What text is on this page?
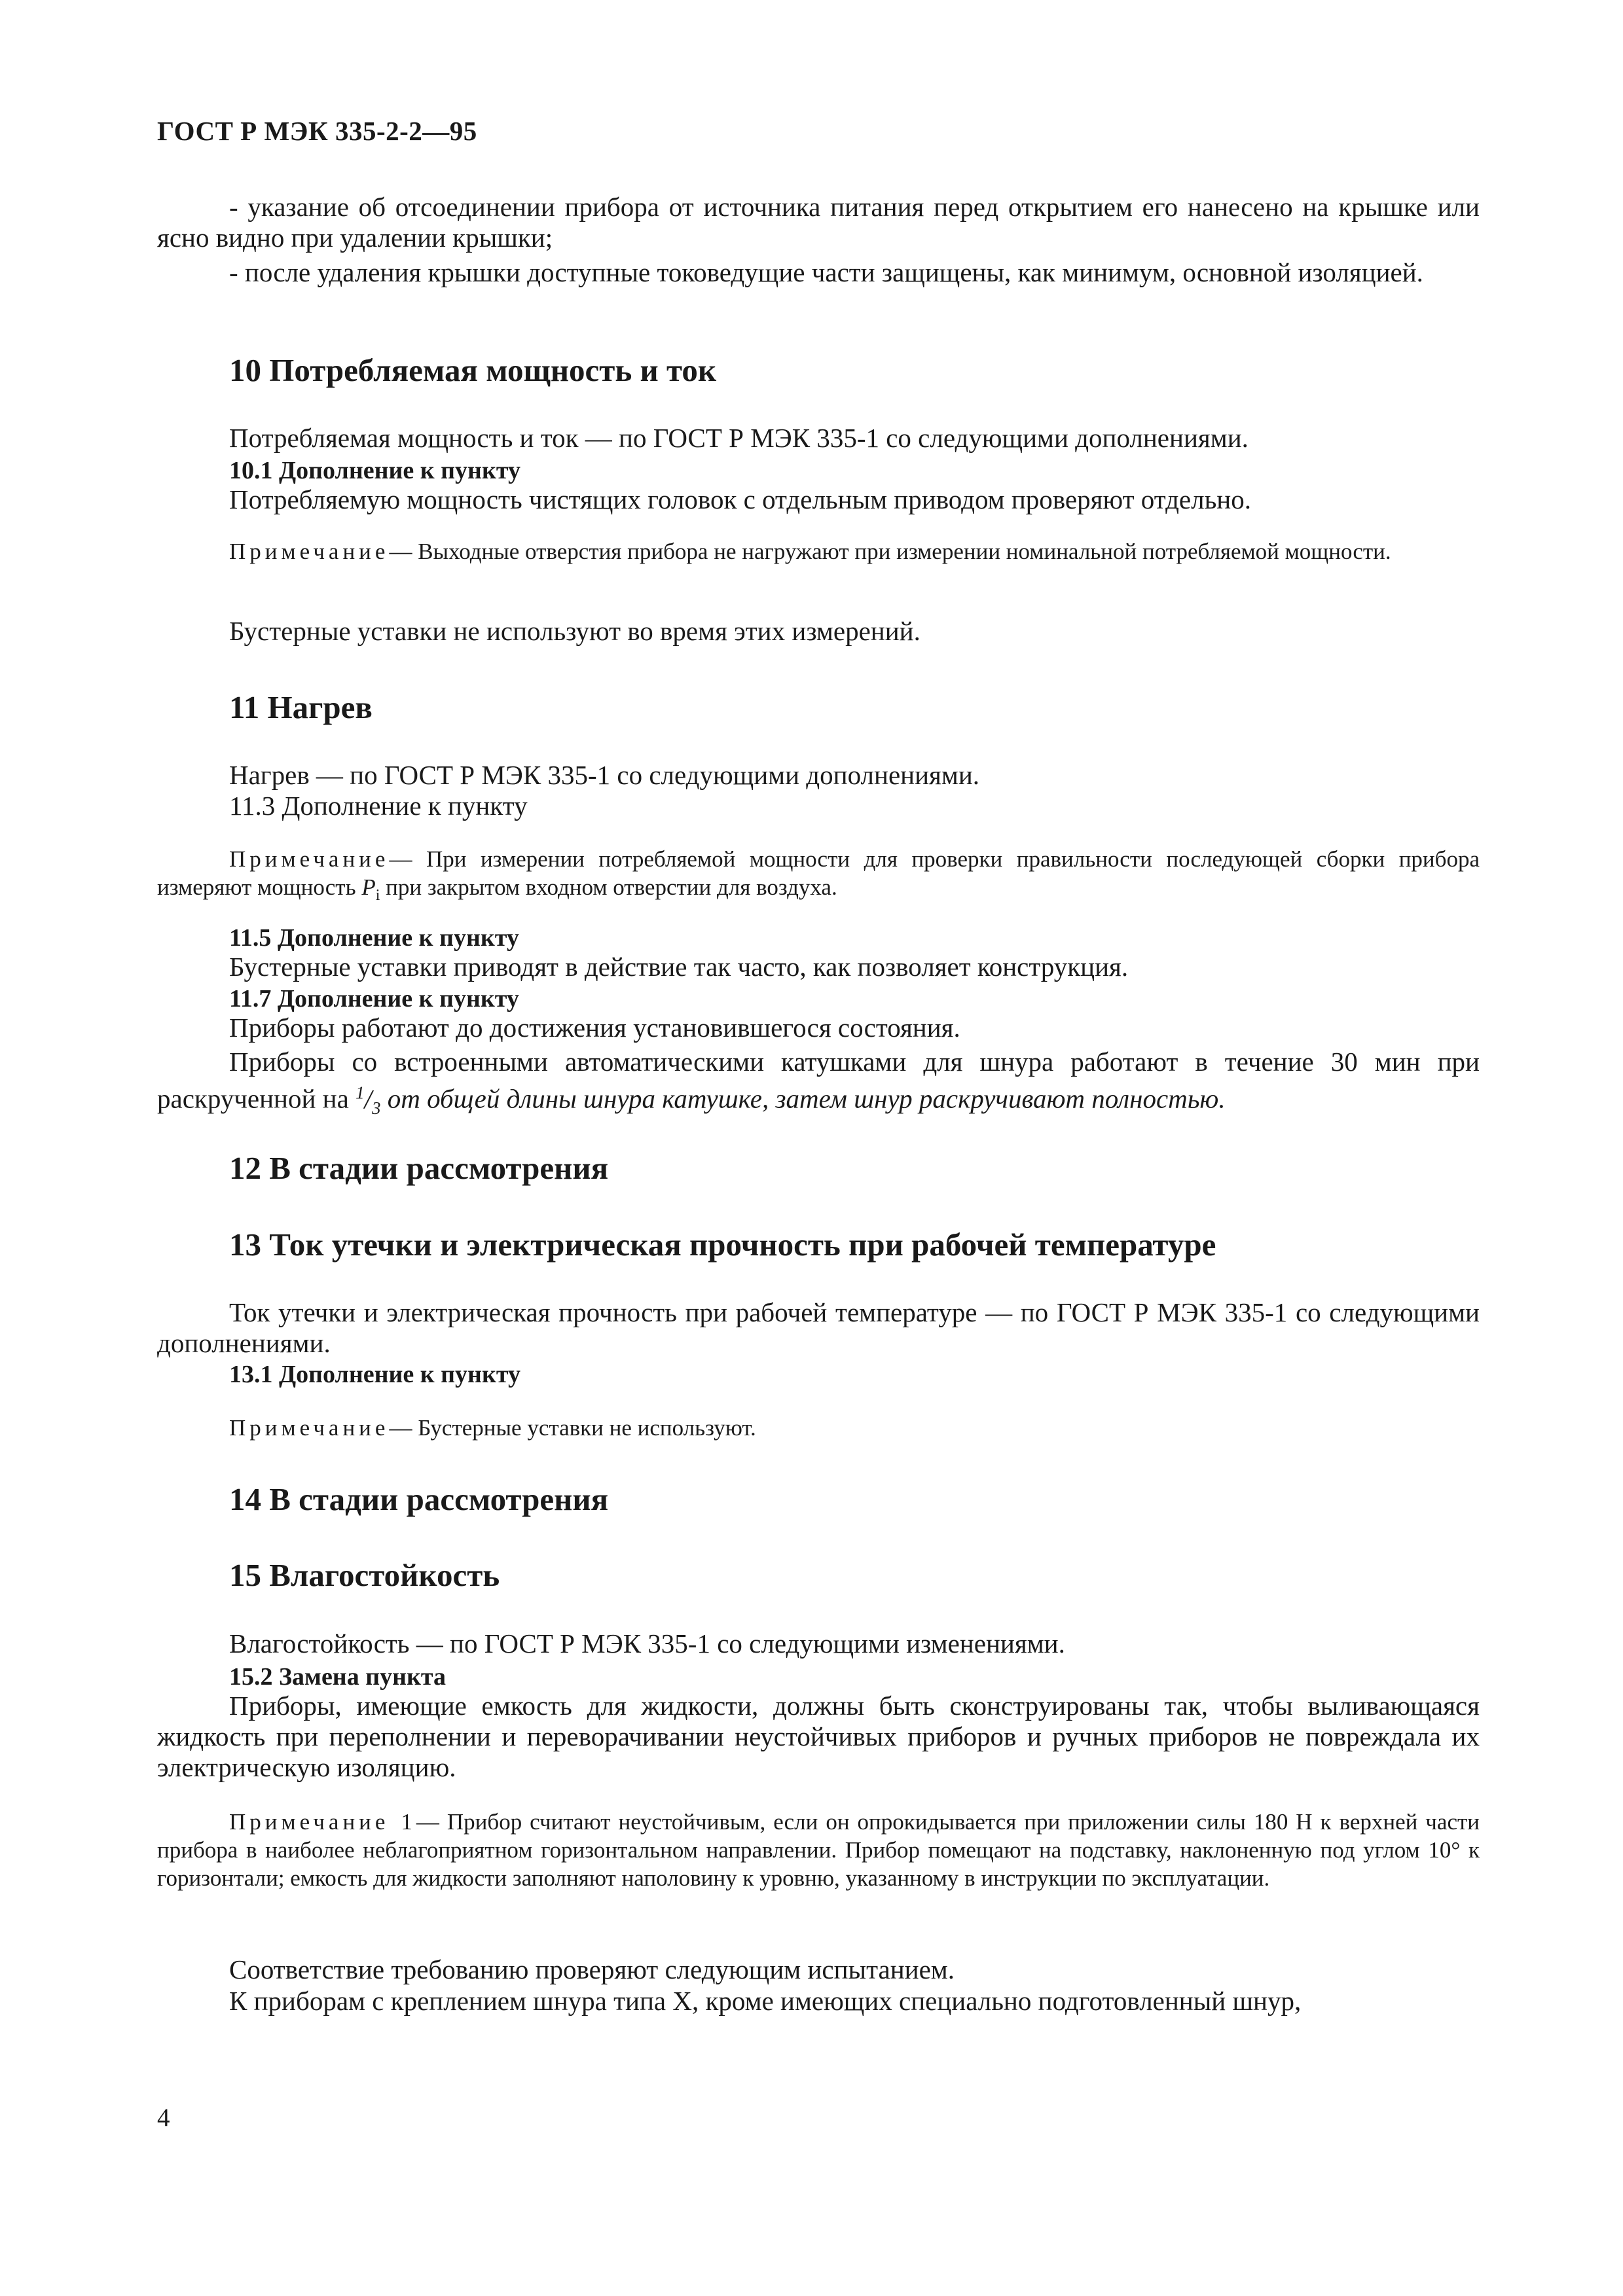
ГОСТ Р МЭК 335-2-2—95
- указание об отсоединении прибора от источника питания перед открытием его нанесено на крышке или ясно видно при удалении крышки;
- после удаления крышки доступные токоведущие части защищены, как минимум, основной изоляцией.
10 Потребляемая мощность и ток
Потребляемая мощность и ток — по ГОСТ Р МЭК 335-1 со следующими дополнениями.
10.1 Дополнение к пункту
Потребляемую мощность чистящих головок с отдельным приводом проверяют отдельно.
Примечание— Выходные отверстия прибора не нагружают при измерении номинальной потребляемой мощности.
Бустерные уставки не используют во время этих измерений.
11 Нагрев
Нагрев — по ГОСТ Р МЭК 335-1 со следующими дополнениями.
11.3 Дополнение к пункту
Примечание— При измерении потребляемой мощности для проверки правильности последующей сборки прибора измеряют мощность $P_i$ при закрытом входном отверстии для воздуха.
11.5 Дополнение к пункту
Бустерные уставки приводят в действие так часто, как позволяет конструкция.
11.7 Дополнение к пункту
Приборы работают до достижения установившегося состояния.
Приборы со встроенными автоматическими катушками для шнура работают в течение 30 мин при раскрученной на $^1/_3$ от общей длины шнура катушке, затем шнур раскручивают полностью.
12 В стадии рассмотрения
13 Ток утечки и электрическая прочность при рабочей температуре
Ток утечки и электрическая прочность при рабочей температуре — по ГОСТ Р МЭК 335-1 со следующими дополнениями.
13.1 Дополнение к пункту
Примечание— Бустерные уставки не используют.
14 В стадии рассмотрения
15 Влагостойкость
Влагостойкость — по ГОСТ Р МЭК 335-1 со следующими изменениями.
15.2 Замена пункта
Приборы, имеющие емкость для жидкости, должны быть сконструированы так, чтобы выливающаяся жидкость при переполнении и переворачивании неустойчивых приборов и ручных приборов не повреждала их электрическую изоляцию.
Примечание 1— Прибор считают неустойчивым, если он опрокидывается при приложении силы 180 Н к верхней части прибора в наиболее неблагоприятном горизонтальном направлении. Прибор помещают на подставку, наклоненную под углом 10° к горизонтали; емкость для жидкости заполняют наполовину к уровню, указанному в инструкции по эксплуатации.
Соответствие требованию проверяют следующим испытанием.
К приборам с креплением шнура типа X, кроме имеющих специально подготовленный шнур,
4
